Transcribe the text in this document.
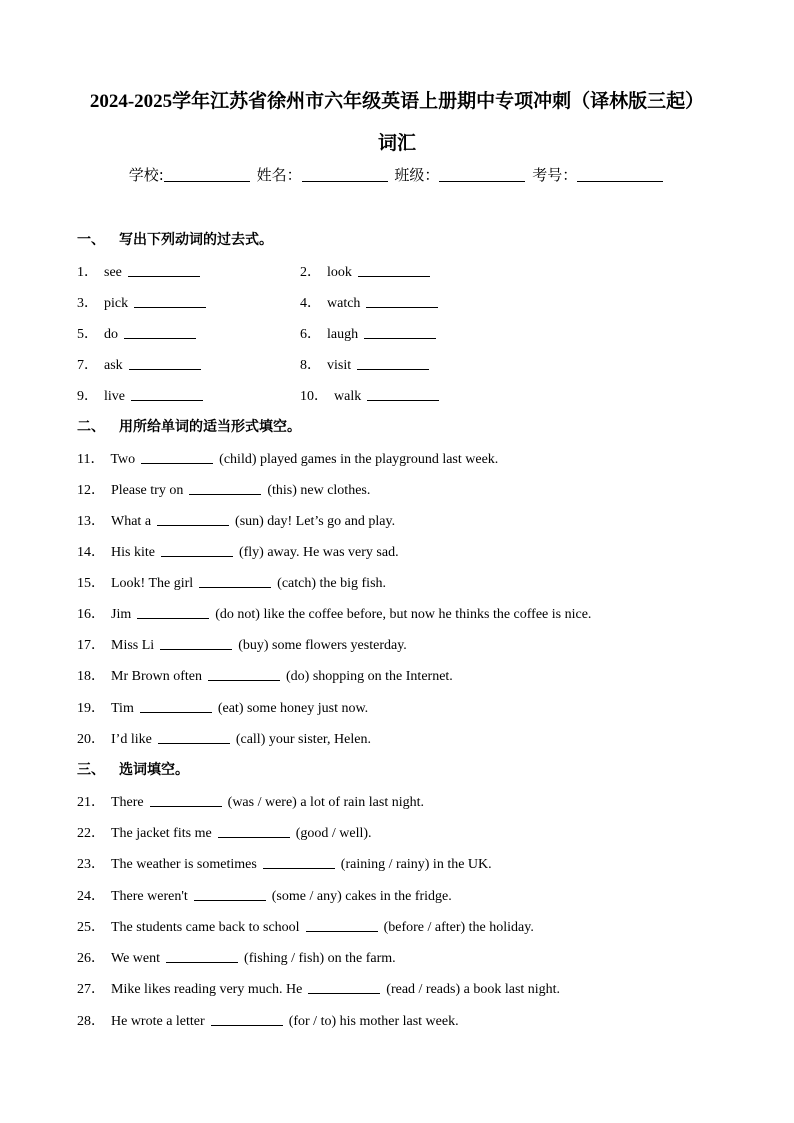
2024-2025学年江苏省徐州市六年级英语上册期中专项冲刺（译林版三起）
词汇
学校:	姓名：	班级：	考号：
一、 写出下列动词的过去式。
1． see	2． look
3． pick	4． watch
5． do	6． laugh
7． ask	8． visit
9． live	10． walk
二、 用所给单词的适当形式填空。
11． Two	(child) played games in the playground last week.
12． Please try on	(this) new clothes.
13． What a	(sun) day! Let’s go and play.
14． His kite	(fly) away. He was very sad.
15． Look! The girl	(catch) the big fish.
16． Jim	(do not) like the coffee before, but now he thinks the coffee is nice.
17． Miss Li	(buy) some flowers yesterday.
18． Mr Brown often	(do) shopping on the Internet.
19． Tim	(eat) some honey just now.
20． I’d like	(call) your sister, Helen.
三、 选词填空。
21． There	(was / were) a lot of rain last night.
22． The jacket fits me	(good / well).
23． The weather is sometimes	(raining / rainy) in the UK.
24． There weren't	(some / any) cakes in the fridge.
25． The students came back to school	(before / after) the holiday.
26． We went	(fishing / fish) on the farm.
27． Mike likes reading very much. He	(read / reads) a book last night.
28． He wrote a letter	(for / to) his mother last week.
